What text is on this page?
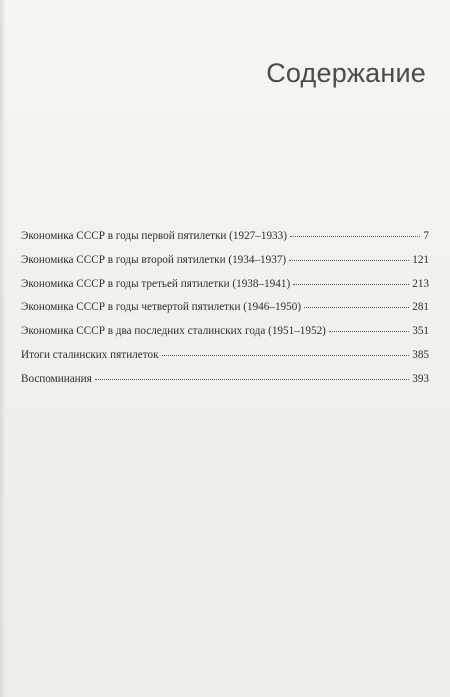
Содержание
Экономика СССР в годы первой пятилетки (1927–1933)	7
Экономика СССР в годы второй пятилетки (1934–1937)	121
Экономика СССР в годы третьей пятилетки (1938–1941)	213
Экономика СССР в годы четвертой пятилетки (1946–1950)	281
Экономика СССР в два последних сталинских года (1951–1952)	351
Итоги сталинских пятилеток	385
Воспоминания	393
